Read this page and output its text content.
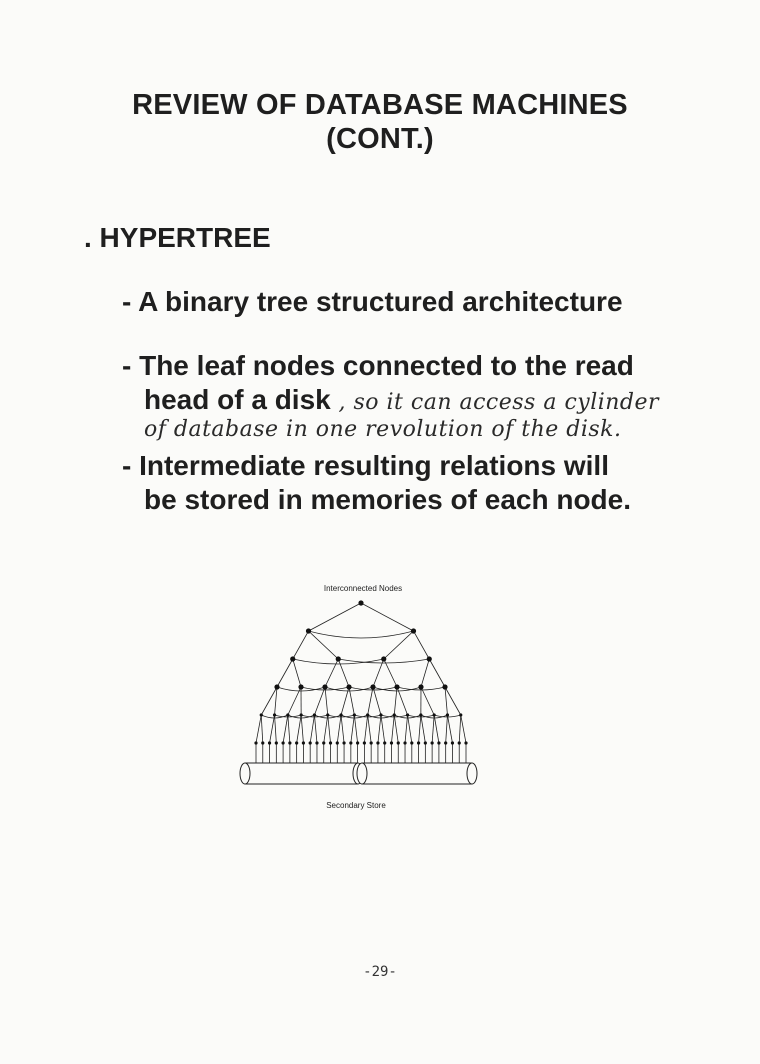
REVIEW OF DATABASE MACHINES
(CONT.)
. HYPERTREE
- A binary tree structured architecture
- The leaf nodes connected to the read
head of a disk , so it can access a cylinder
of database in one revolution of the disk.
- Intermediate resulting relations will
be stored in memories of each node.
Interconnected Nodes
Secondary Store
-29-
